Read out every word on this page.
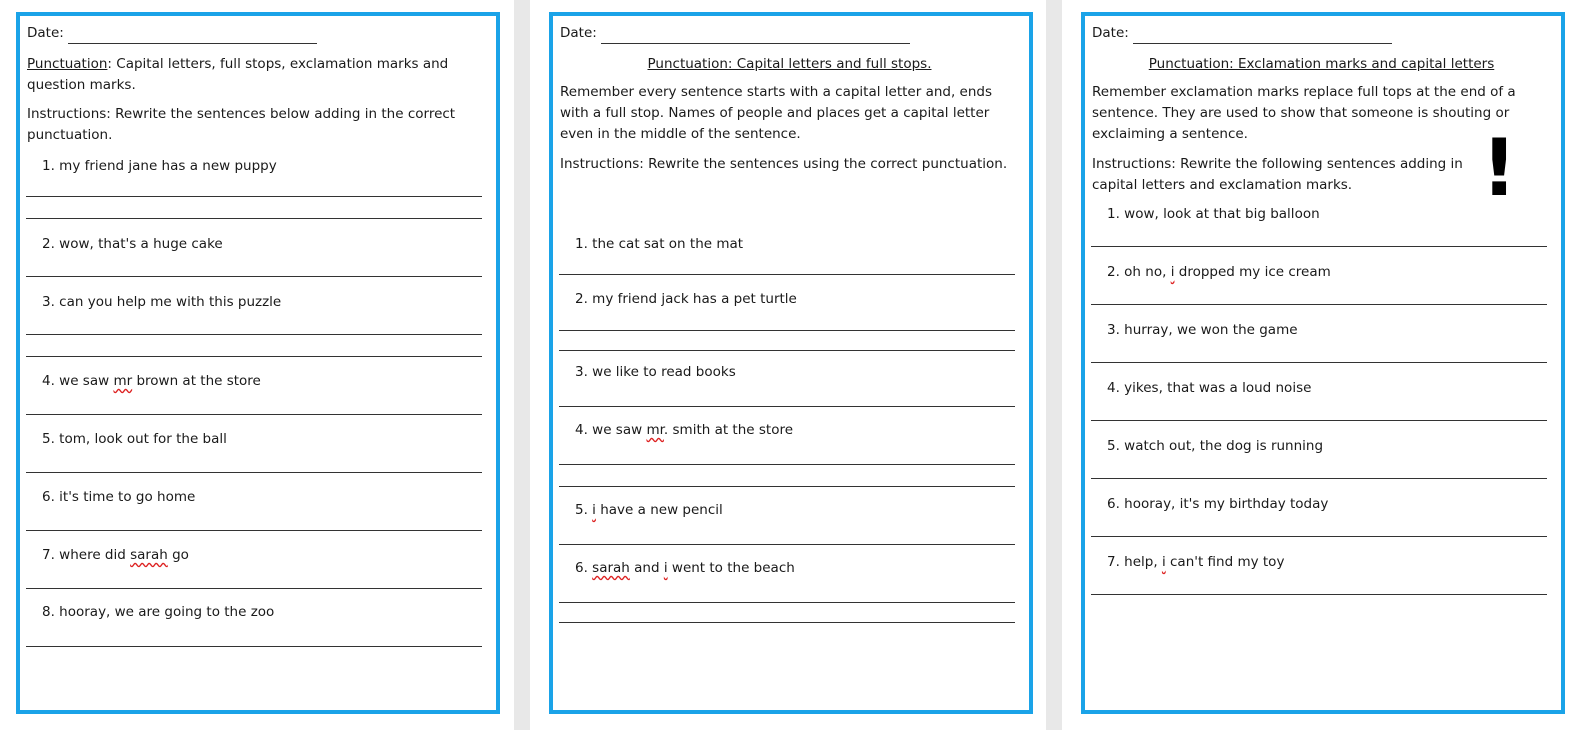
Date:

Punctuation: Capital letters, full stops, exclamation marks and question marks.

Instructions: Rewrite the sentences below adding in the correct punctuation.

1. my friend jane has a new puppy
2. wow, that's a huge cake
3. can you help me with this puzzle
4. we saw mr brown at the store
5. tom, look out for the ball
6. it's time to go home
7. where did sarah go
8. hooray, we are going to the zoo
Date:

Punctuation: Capital letters and full stops.

Remember every sentence starts with a capital letter and, ends with a full stop. Names of people and places get a capital letter even in the middle of the sentence.

Instructions: Rewrite the sentences using the correct punctuation.

1. the cat sat on the mat
2. my friend jack has a pet turtle
3. we like to read books
4. we saw mr. smith at the store
5. i have a new pencil
6. sarah and i went to the beach
Date:

Punctuation: Exclamation marks and capital letters

Remember exclamation marks replace full tops at the end of a sentence. They are used to show that someone is shouting or exclaiming a sentence.

Instructions: Rewrite the following sentences adding in capital letters and exclamation marks.	!
1. wow, look at that big balloon
2. oh no, i dropped my ice cream
3. hurray, we won the game
4. yikes, that was a loud noise
5. watch out, the dog is running
6. hooray, it's my birthday today
7. help, i can't find my toy
